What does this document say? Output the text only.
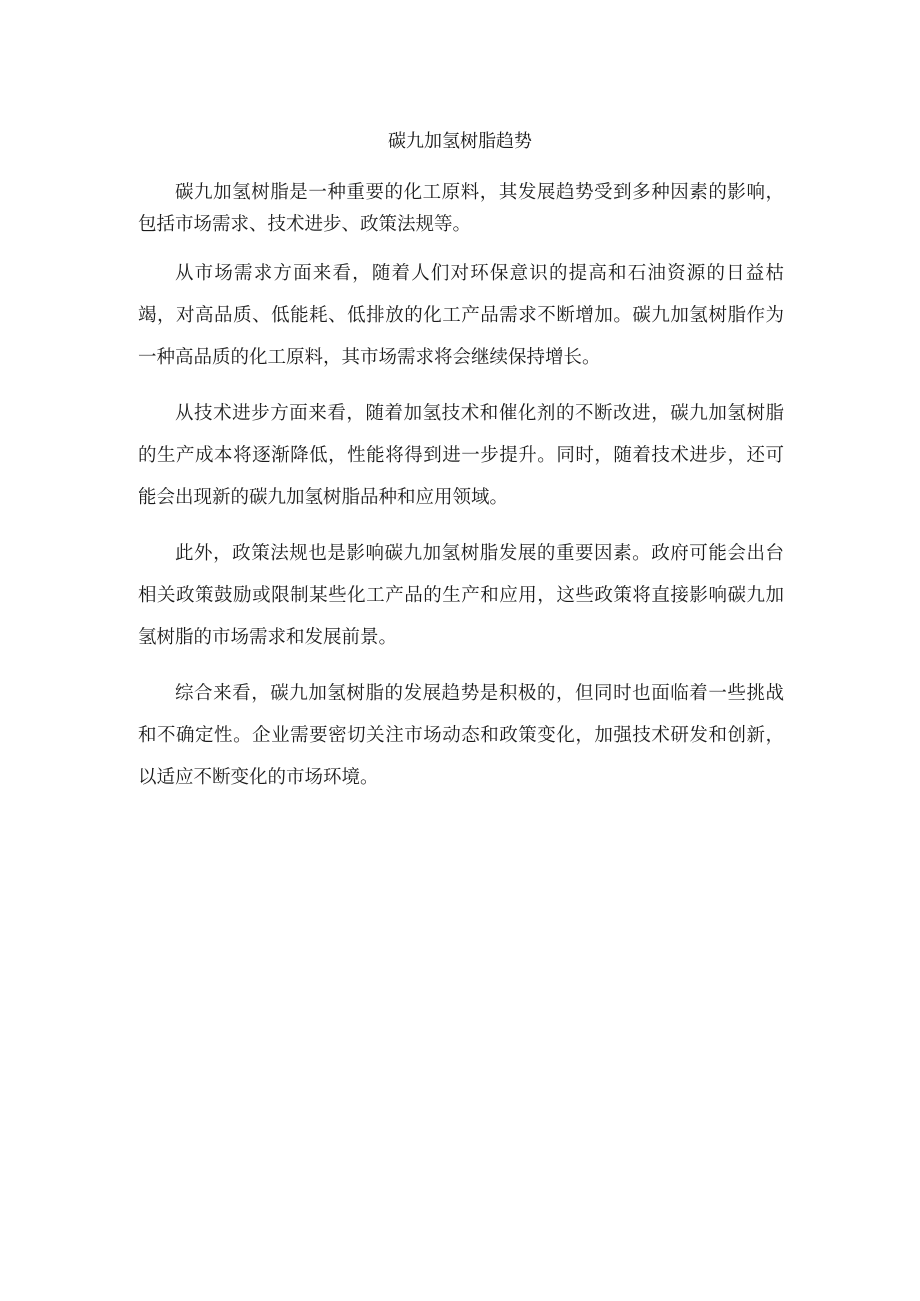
碳九加氢树脂趋势

碳九加氢树脂是一种重要的化工原料，其发展趋势受到多种因素的影响，包括市场需求、技术进步、政策法规等。

从市场需求方面来看，随着人们对环保意识的提高和石油资源的日益枯竭，对高品质、低能耗、低排放的化工产品需求不断增加。碳九加氢树脂作为一种高品质的化工原料，其市场需求将会继续保持增长。

从技术进步方面来看，随着加氢技术和催化剂的不断改进，碳九加氢树脂的生产成本将逐渐降低，性能将得到进一步提升。同时，随着技术进步，还可能会出现新的碳九加氢树脂品种和应用领域。

此外，政策法规也是影响碳九加氢树脂发展的重要因素。政府可能会出台相关政策鼓励或限制某些化工产品的生产和应用，这些政策将直接影响碳九加氢树脂的市场需求和发展前景。

综合来看，碳九加氢树脂的发展趋势是积极的，但同时也面临着一些挑战和不确定性。企业需要密切关注市场动态和政策变化，加强技术研发和创新，以适应不断变化的市场环境。
